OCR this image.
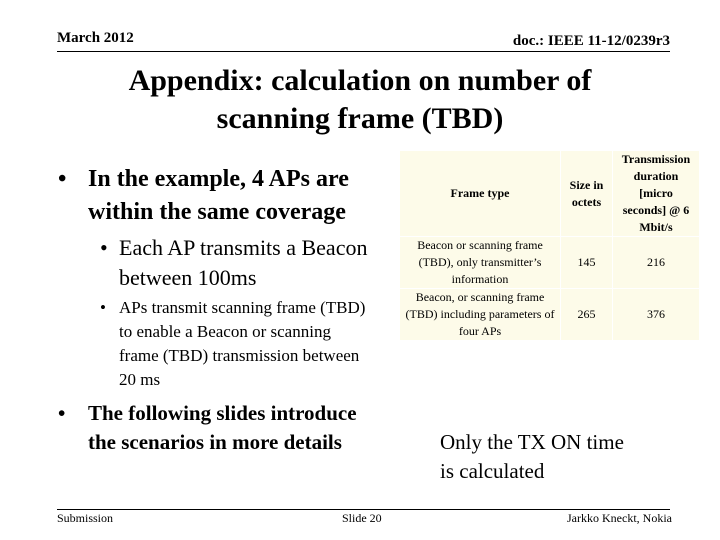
March 2012	doc.: IEEE 11-12/0239r3
Appendix: calculation on number of
scanning frame (TBD)
• In the example, 4 APs are within the same coverage
• Each AP transmits a Beacon between 100ms
• APs transmit scanning frame (TBD) to enable a Beacon or scanning frame (TBD) transmission between 20 ms
• The following slides introduce the scenarios in more details
Frame type	Size in octets	Transmission duration [micro seconds] @ 6 Mbit/s
Beacon or scanning frame (TBD), only transmitter’s information	145	216
Beacon, or scanning frame (TBD) including parameters of four APs	265	376
Only the TX ON time
is calculated
Submission	Slide 20	Jarkko Kneckt, Nokia
